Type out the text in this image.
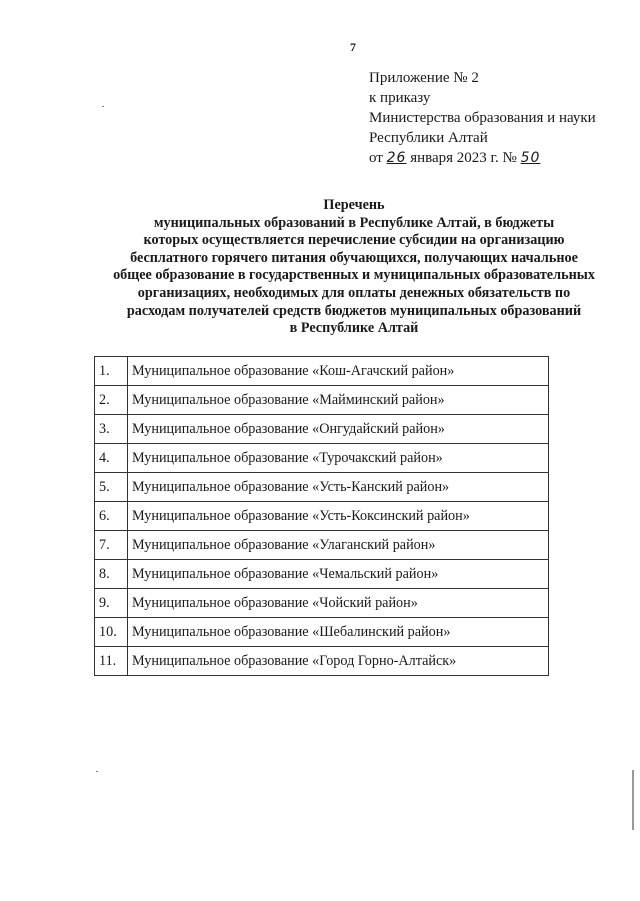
7
Приложение № 2
к приказу
Министерства образования и науки
Республики Алтай
от 26 января 2023 г. № 50
Перечень
муниципальных образований в Республике Алтай, в бюджеты
которых осуществляется перечисление субсидии на организацию
бесплатного горячего питания обучающихся, получающих начальное
общее образование в государственных и муниципальных образовательных
организациях, необходимых для оплаты денежных обязательств по
расходам получателей средств бюджетов муниципальных образований
в Республике Алтай
1.	Муниципальное образование «Кош-Агачский район»
2.	Муниципальное образование «Майминский район»
3.	Муниципальное образование «Онгудайский район»
4.	Муниципальное образование «Турочакский район»
5.	Муниципальное образование «Усть-Канский район»
6.	Муниципальное образование «Усть-Коксинский район»
7.	Муниципальное образование «Улаганский район»
8.	Муниципальное образование «Чемальский район»
9.	Муниципальное образование «Чойский район»
10.	Муниципальное образование «Шебалинский район»
11.	Муниципальное образование «Город Горно-Алтайск»
